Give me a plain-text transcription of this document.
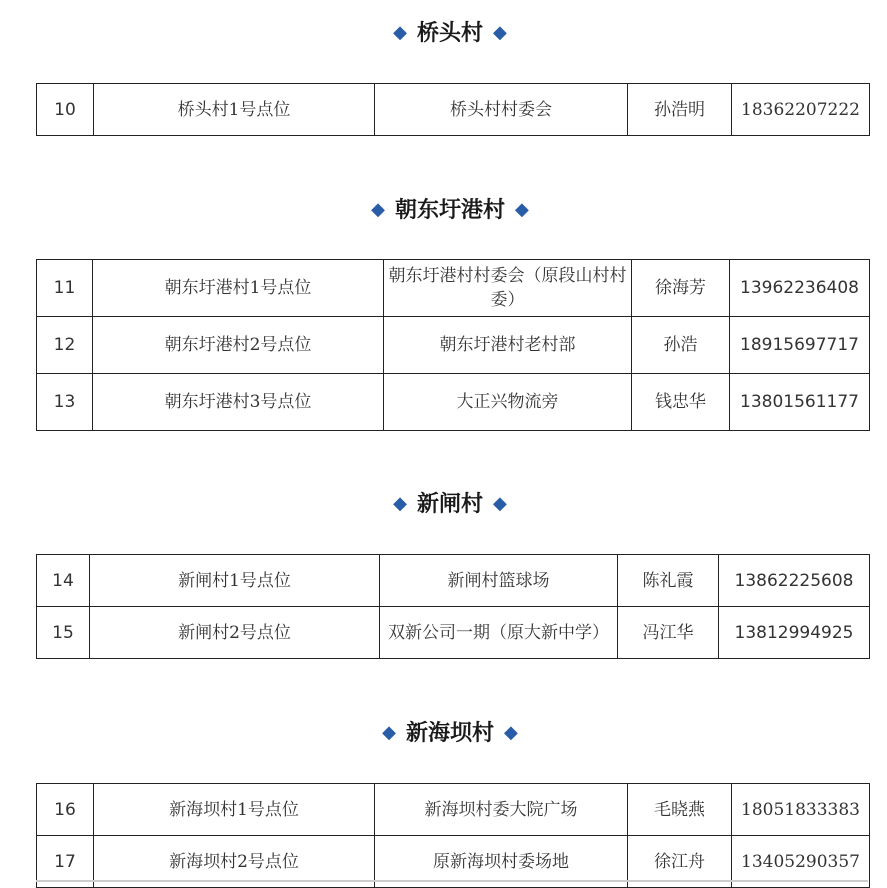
◆ 桥头村 ◆
10	桥头村1号点位	桥头村村委会	孙浩明	18362207222
◆ 朝东圩港村 ◆
11	朝东圩港村1号点位	朝东圩港村村委会（原段山村村委）	徐海芳	13962236408
12	朝东圩港村2号点位	朝东圩港村老村部	孙浩	18915697717
13	朝东圩港村3号点位	大正兴物流旁	钱忠华	13801561177
◆ 新闸村 ◆
14	新闸村1号点位	新闸村篮球场	陈礼霞	13862225608
15	新闸村2号点位	双新公司一期（原大新中学）	冯江华	13812994925
◆ 新海坝村 ◆
16	新海坝村1号点位	新海坝村委大院广场	毛晓燕	18051833383
17	新海坝村2号点位	原新海坝村委场地	徐江舟	13405290357
